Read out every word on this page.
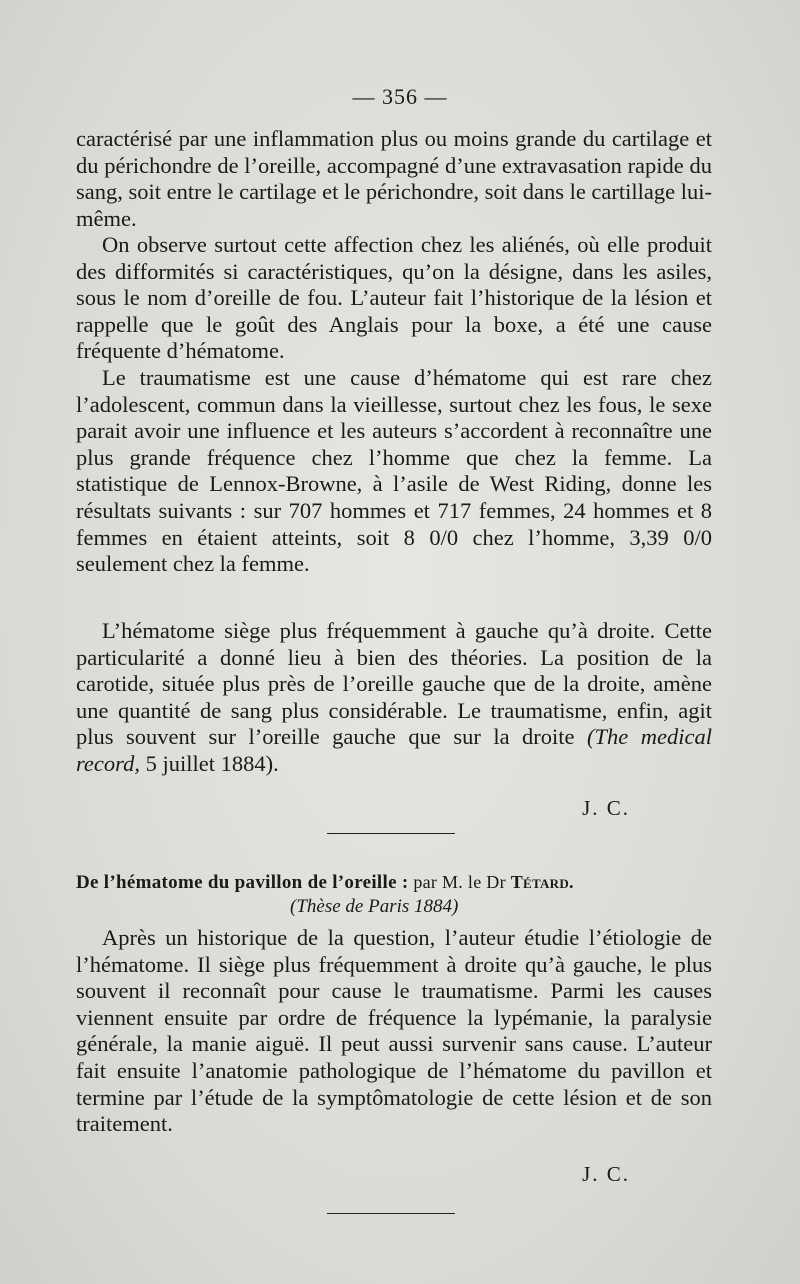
— 356 —

caractérisé par une inflammation plus ou moins grande du cartilage et du périchondre de l’oreille, accompagné d’une extravasation rapide du sang, soit entre le cartilage et le périchondre, soit dans le cartillage lui-même.

On observe surtout cette affection chez les aliénés, où elle produit des difformités si caractéristiques, qu’on la désigne, dans les asiles, sous le nom d’oreille de fou. L’auteur fait l’historique de la lésion et rappelle que le goût des Anglais pour la boxe, a été une cause fréquente d’hématome.

Le traumatisme est une cause d’hématome qui est rare chez l’adolescent, commun dans la vieillesse, surtout chez les fous, le sexe parait avoir une influence et les auteurs s’accordent à reconnaître une plus grande fréquence chez l’homme que chez la femme. La statistique de Lennox-Browne, à l’asile de West Riding, donne les résultats suivants : sur 707 hommes et 717 femmes, 24 hommes et 8 femmes en étaient atteints, soit 8 0/0 chez l’homme, 3,39 0/0 seulement chez la femme.

L’hématome siège plus fréquemment à gauche qu’à droite. Cette particularité a donné lieu à bien des théories. La position de la carotide, située plus près de l’oreille gauche que de la droite, amène une quantité de sang plus considérable. Le traumatisme, enfin, agit plus souvent sur l’oreille gauche que sur la droite (The medical record, 5 juillet 1884).

J. C.
De l’hématome du pavillon de l’oreille : par M. le Dr Tétard.
(Thèse de Paris 1884)

Après un historique de la question, l’auteur étudie l’étiologie de l’hématome. Il siège plus fréquemment à droite qu’à gauche, le plus souvent il reconnaît pour cause le traumatisme. Parmi les causes viennent ensuite par ordre de fréquence la lypémanie, la paralysie générale, la manie aiguë. Il peut aussi survenir sans cause. L’auteur fait ensuite l’anatomie pathologique de l’hématome du pavillon et termine par l’étude de la symptômatologie de cette lésion et de son traitement.

J. C.
